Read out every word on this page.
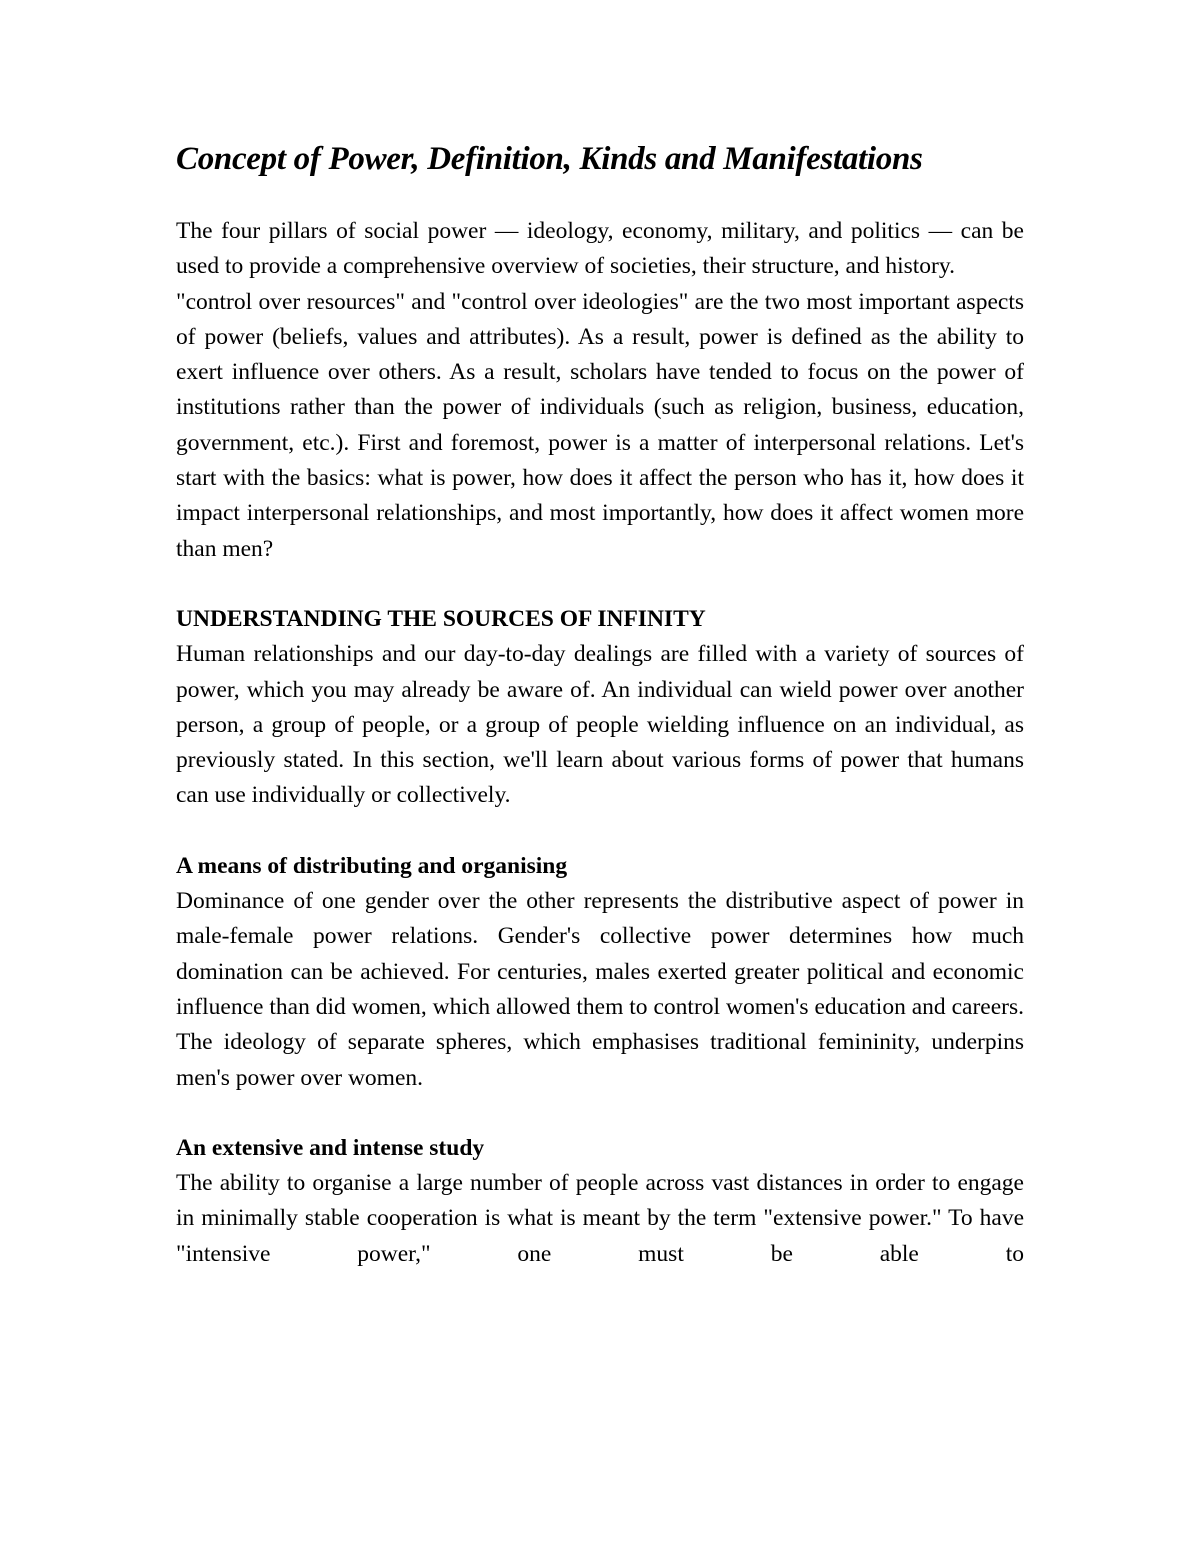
Concept of Power, Definition, Kinds and Manifestations

The four pillars of social power — ideology, economy, military, and politics — can be used to provide a comprehensive overview of societies, their structure, and history.

"control over resources" and "control over ideologies" are the two most important aspects of power (beliefs, values and attributes). As a result, power is defined as the ability to exert influence over others. As a result, scholars have tended to focus on the power of institutions rather than the power of individuals (such as religion, business, education, government, etc.). First and foremost, power is a matter of interpersonal relations. Let's start with the basics: what is power, how does it affect the person who has it, how does it impact interpersonal relationships, and most importantly, how does it affect women more than men?

UNDERSTANDING THE SOURCES OF INFINITY

Human relationships and our day-to-day dealings are filled with a variety of sources of power, which you may already be aware of. An individual can wield power over another person, a group of people, or a group of people wielding influence on an individual, as previously stated. In this section, we'll learn about various forms of power that humans can use individually or collectively.

A means of distributing and organising

Dominance of one gender over the other represents the distributive aspect of power in male-female power relations. Gender's collective power determines how much domination can be achieved. For centuries, males exerted greater political and economic influence than did women, which allowed them to control women's education and careers. The ideology of separate spheres, which emphasises traditional femininity, underpins men's power over women.

An extensive and intense study

The ability to organise a large number of people across vast distances in order to engage in minimally stable cooperation is what is meant by the term "extensive power." To have "intensive power," one must be able to
